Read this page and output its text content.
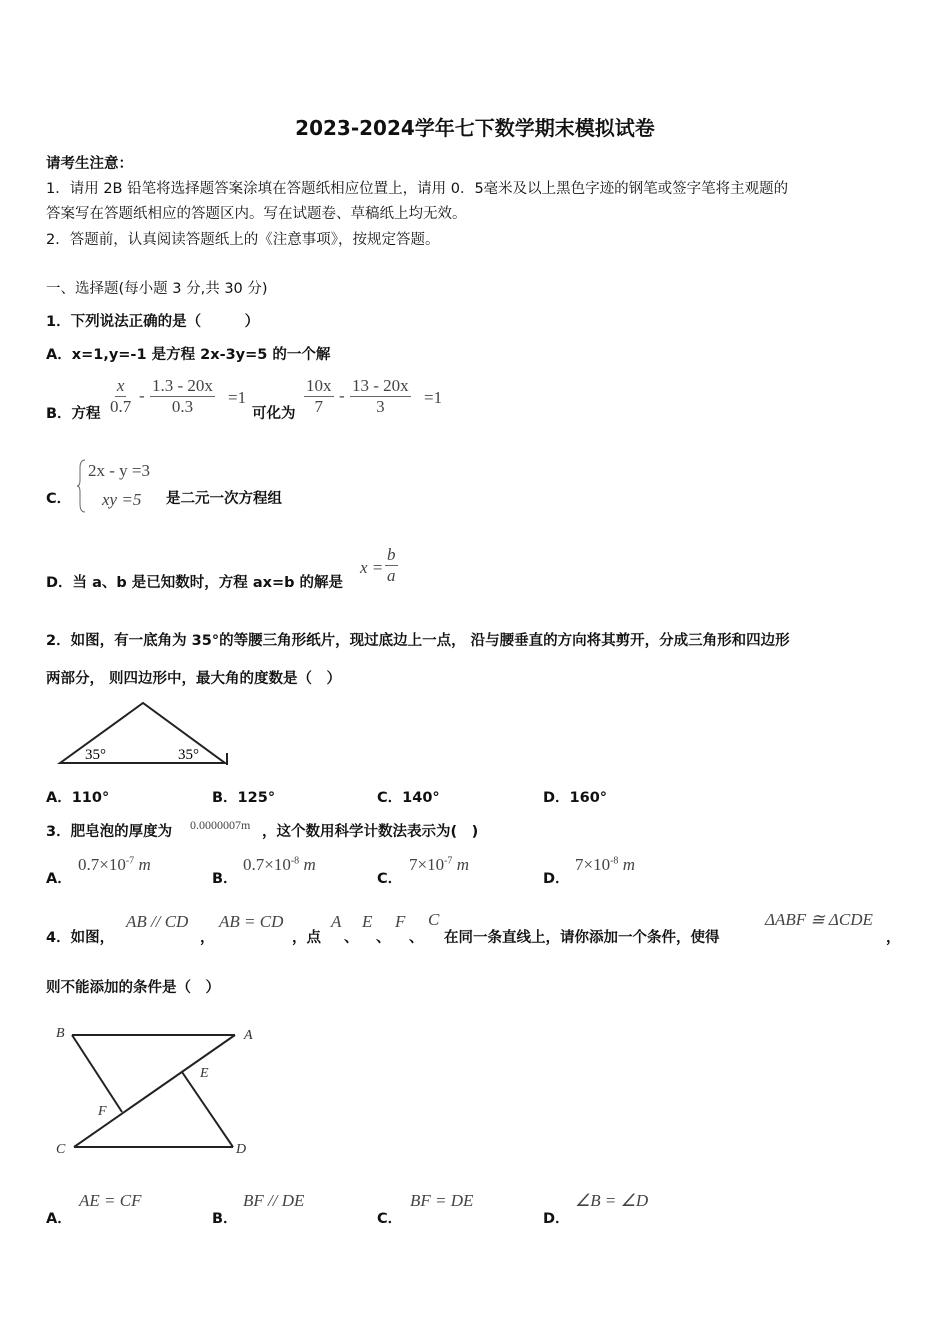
2023-2024学年七下数学期末模拟试卷
请考生注意：
1．请用 2B 铅笔将选择题答案涂填在答题纸相应位置上，请用 0．5毫米及以上黑色字迹的钢笔或签字笔将主观题的
答案写在答题纸相应的答题区内。写在试题卷、草稿纸上均无效。
2．答题前，认真阅读答题纸上的《注意事项》，按规定答题。
一、选择题(每小题 3 分,共 30 分)
1．下列说法正确的是（　　　）
A．x=1,y=-1 是方程 2x-3y=5 的一个解
B．方程 $\frac{x}{0.7} - \frac{1.3 - 20x}{0.3} =1$
可化为 $\frac{10x}{7} - \frac{13 - 20x}{3} =1$
C．
2x - y =3
xy =5 是二元一次方程组
D．当 a、b 是已知数时，方程 ax=b 的解是
$x = \frac{b}{a}$
2．如图，有一底角为 35°的等腰三角形纸片，现过底边上一点， 沿与腰垂直的方向将其剪开，分成三角形和四边形
两部分， 则四边形中，最大角的度数是（　）
35°	35°
A．110°	B．125°	C．140°	D．160°
3．肥皂泡的厚度为 0.0000007m ，这个数用科学计数法表示为(　)
A．
$0.7\times 10^{-7}$ m
B．
$0.7\times 10^{-8}$ m
C．
$7\times 10^{-7}$ m
D．
$7\times 10^{-8}$ m
4．如图，
AB // CD
，
AB = CD
，点
A
、
E
、
F
、
C
在同一条直线上，请你添加一个条件，使得
ΔABF ≅ ΔCDE
，
则不能添加的条件是（　）
B	A
E
F
C	D
A．
AE = CF
B．
BF // DE
C．
BF = DE
D．
∠B = ∠D
